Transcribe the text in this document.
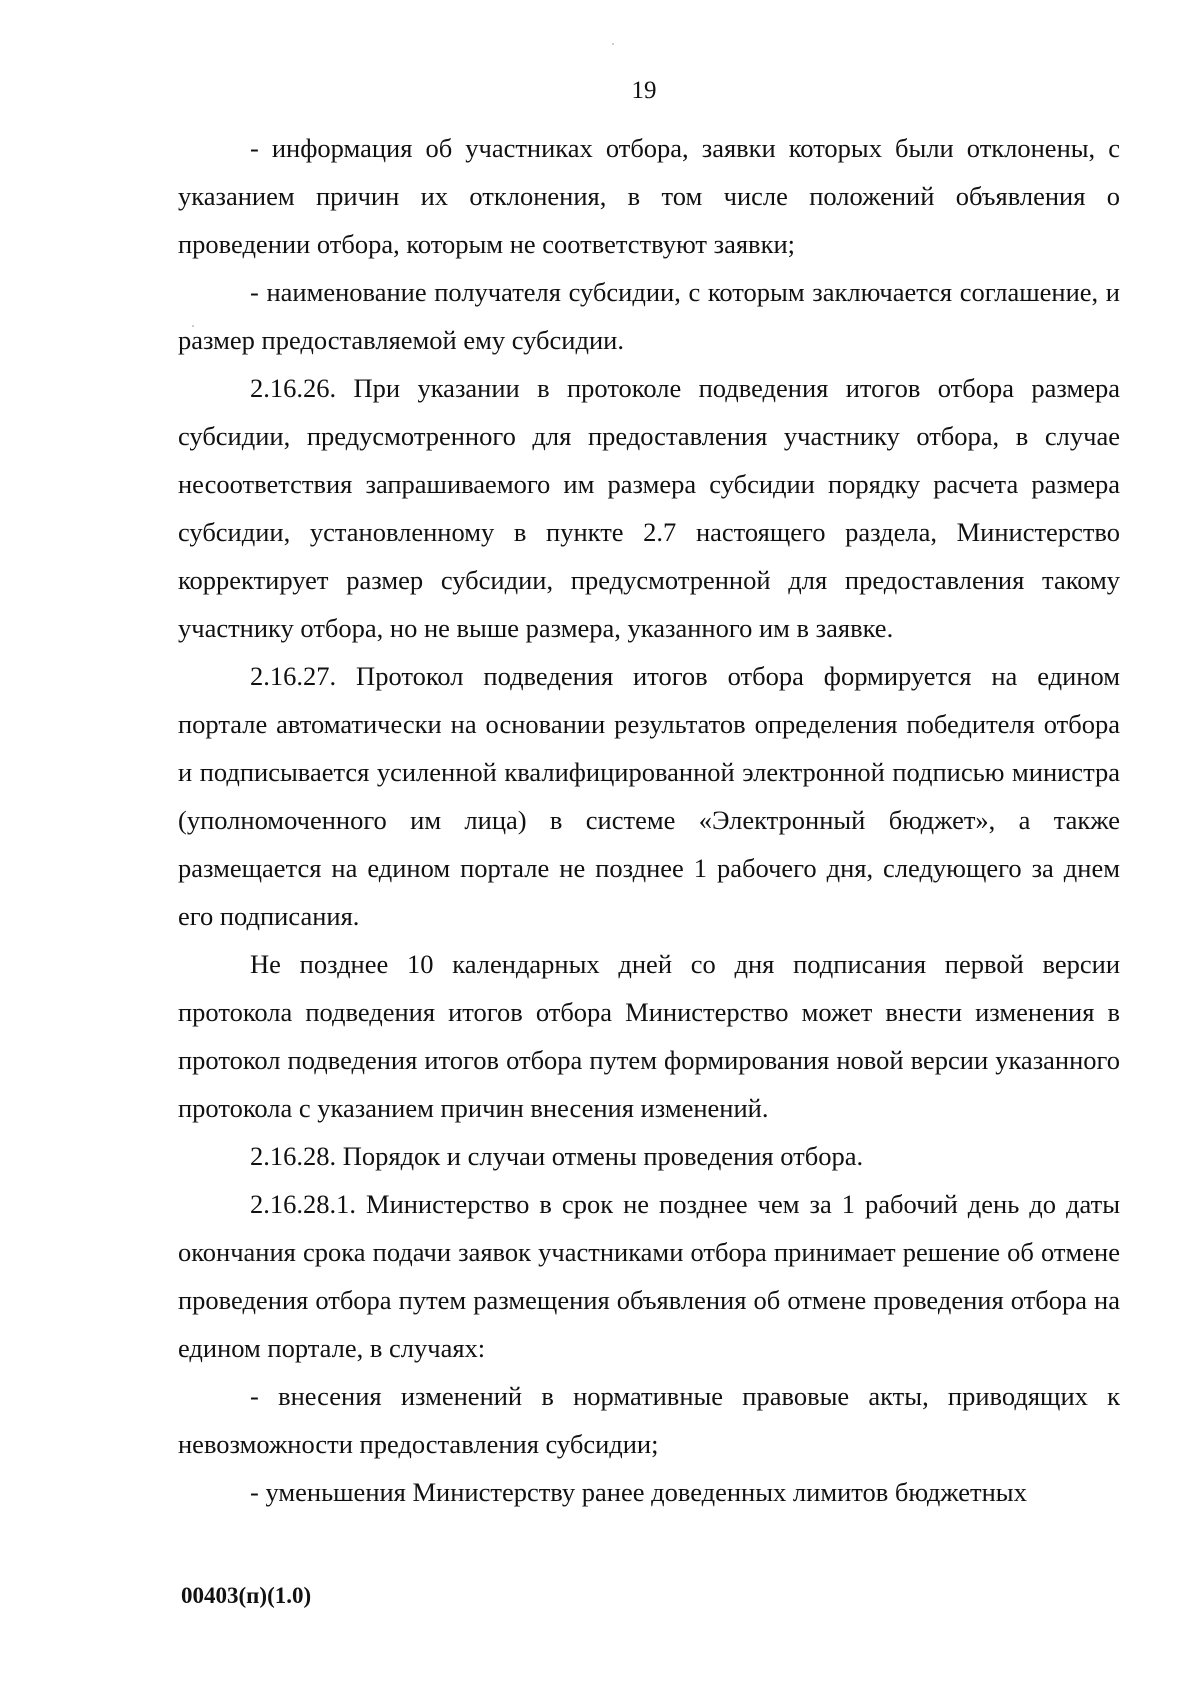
19

- информация об участниках отбора, заявки которых были отклонены, с указанием причин их отклонения, в том числе положений объявления о проведении отбора, которым не соответствуют заявки;

- наименование получателя субсидии, с которым заключается соглашение, и размер предоставляемой ему субсидии.

2.16.26. При указании в протоколе подведения итогов отбора размера субсидии, предусмотренного для предоставления участнику отбора, в случае несоответствия запрашиваемого им размера субсидии порядку расчета размера субсидии, установленному в пункте 2.7 настоящего раздела, Министерство корректирует размер субсидии, предусмотренной для предоставления такому участнику отбора, но не выше размера, указанного им в заявке.

2.16.27. Протокол подведения итогов отбора формируется на едином портале автоматически на основании результатов определения победителя отбора и подписывается усиленной квалифицированной электронной подписью министра (уполномоченного им лица) в системе «Электронный бюджет», а также размещается на едином портале не позднее 1 рабочего дня, следующего за днем его подписания.

Не позднее 10 календарных дней со дня подписания первой версии протокола подведения итогов отбора Министерство может внести изменения в протокол подведения итогов отбора путем формирования новой версии указанного протокола с указанием причин внесения изменений.

2.16.28. Порядок и случаи отмены проведения отбора.

2.16.28.1. Министерство в срок не позднее чем за 1 рабочий день до даты окончания срока подачи заявок участниками отбора принимает решение об отмене проведения отбора путем размещения объявления об отмене проведения отбора на едином портале, в случаях:

- внесения изменений в нормативные правовые акты, приводящих к невозможности предоставления субсидии;

- уменьшения Министерству ранее доведенных лимитов бюджетных

00403(п)(1.0)
